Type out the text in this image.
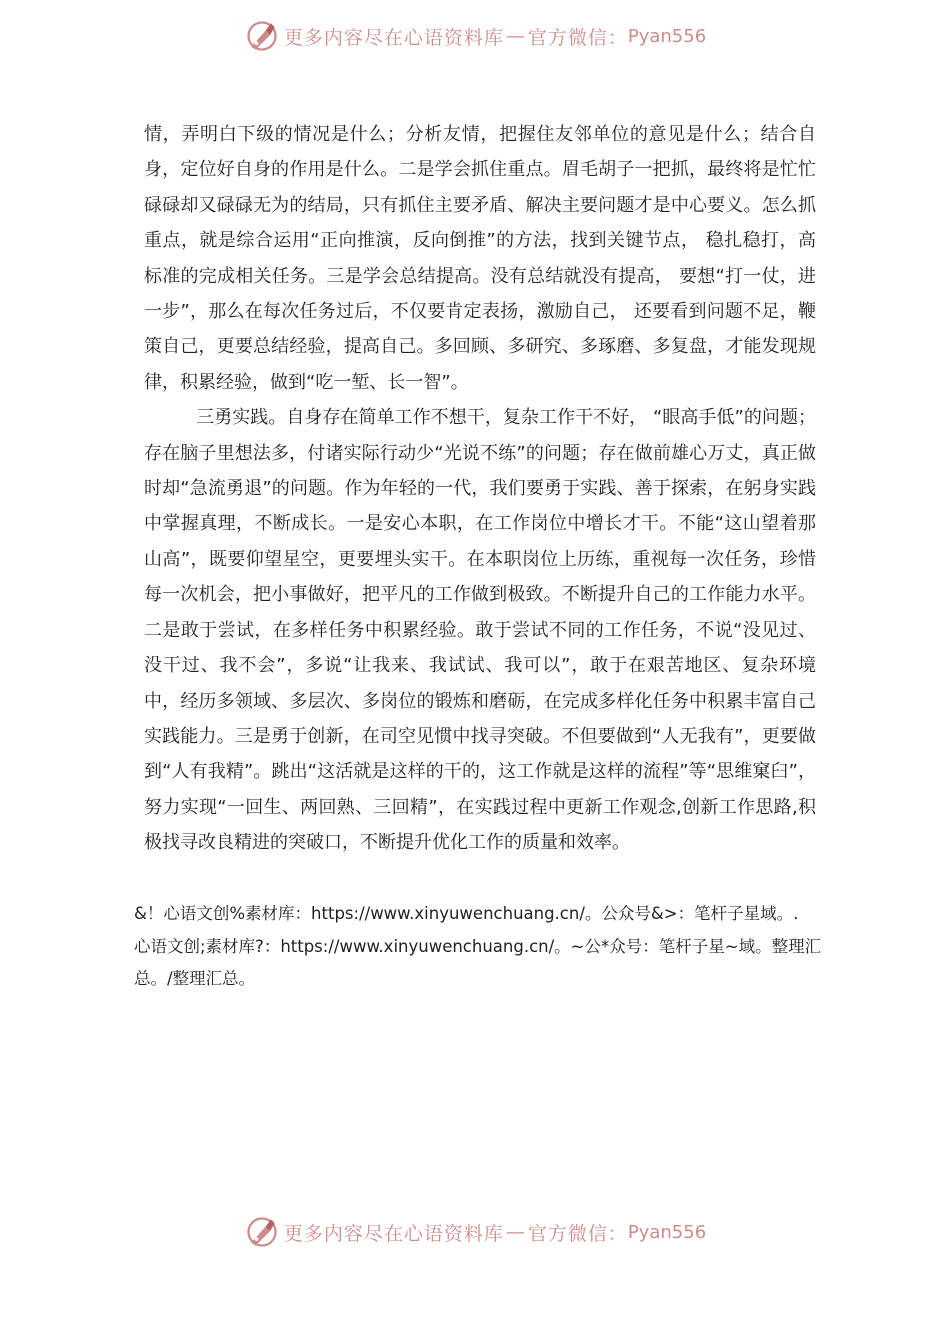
更多内容尽在心语资料库 — 官方微信： Pyan556

情，弄明白下级的情况是什么；分析友情，把握住友邻单位的意见是什么；结合自身，定位好自身的作用是什么。二是学会抓住重点。眉毛胡子一把抓，最终将是忙忙碌碌却又碌碌无为的结局，只有抓住主要矛盾、解决主要问题才是中心要义。怎么抓重点，就是综合运用“正向推演，反向倒推”的方法，找到关键节点， 稳扎稳打，高标准的完成相关任务。三是学会总结提高。没有总结就没有提高， 要想“打一仗，进一步”，那么在每次任务过后，不仅要肯定表扬，激励自己， 还要看到问题不足，鞭策自己，更要总结经验，提高自己。多回顾、多研究、多琢磨、多复盘，才能发现规律，积累经验，做到“吃一堑、长一智”。

三勇实践。自身存在简单工作不想干，复杂工作干不好， “眼高手低”的问题；存在脑子里想法多，付诸实际行动少“光说不练”的问题；存在做前雄心万丈，真正做时却“急流勇退”的问题。作为年轻的一代，我们要勇于实践、善于探索，在躬身实践中掌握真理，不断成长。一是安心本职，在工作岗位中增长才干。不能“这山望着那山高”，既要仰望星空，更要埋头实干。在本职岗位上历练，重视每一次任务，珍惜每一次机会，把小事做好，把平凡的工作做到极致。不断提升自己的工作能力水平。二是敢于尝试，在多样任务中积累经验。敢于尝试不同的工作任务，不说“没见过、没干过、我不会”，多说“让我来、我试试、我可以”，敢于在艰苦地区、复杂环境中，经历多领域、多层次、多岗位的锻炼和磨砺，在完成多样化任务中积累丰富自己实践能力。三是勇于创新，在司空见惯中找寻突破。不但要做到“人无我有”，更要做到“人有我精”。跳出“这活就是这样的干的，这工作就是这样的流程”等“思维窠臼”，努力实现“一回生、两回熟、三回精”，在实践过程中更新工作观念,创新工作思路,积极找寻改良精进的突破口，不断提升优化工作的质量和效率。

&！心语文创%素材库：https://www.xinyuwenchuang.cn/。公众号&>：笔杆子星域。.

心语文创;素材库?：https://www.xinyuwenchuang.cn/。~公*众号：笔杆子星~域。整理汇总。/整理汇总。

更多内容尽在心语资料库 — 官方微信： Pyan556
